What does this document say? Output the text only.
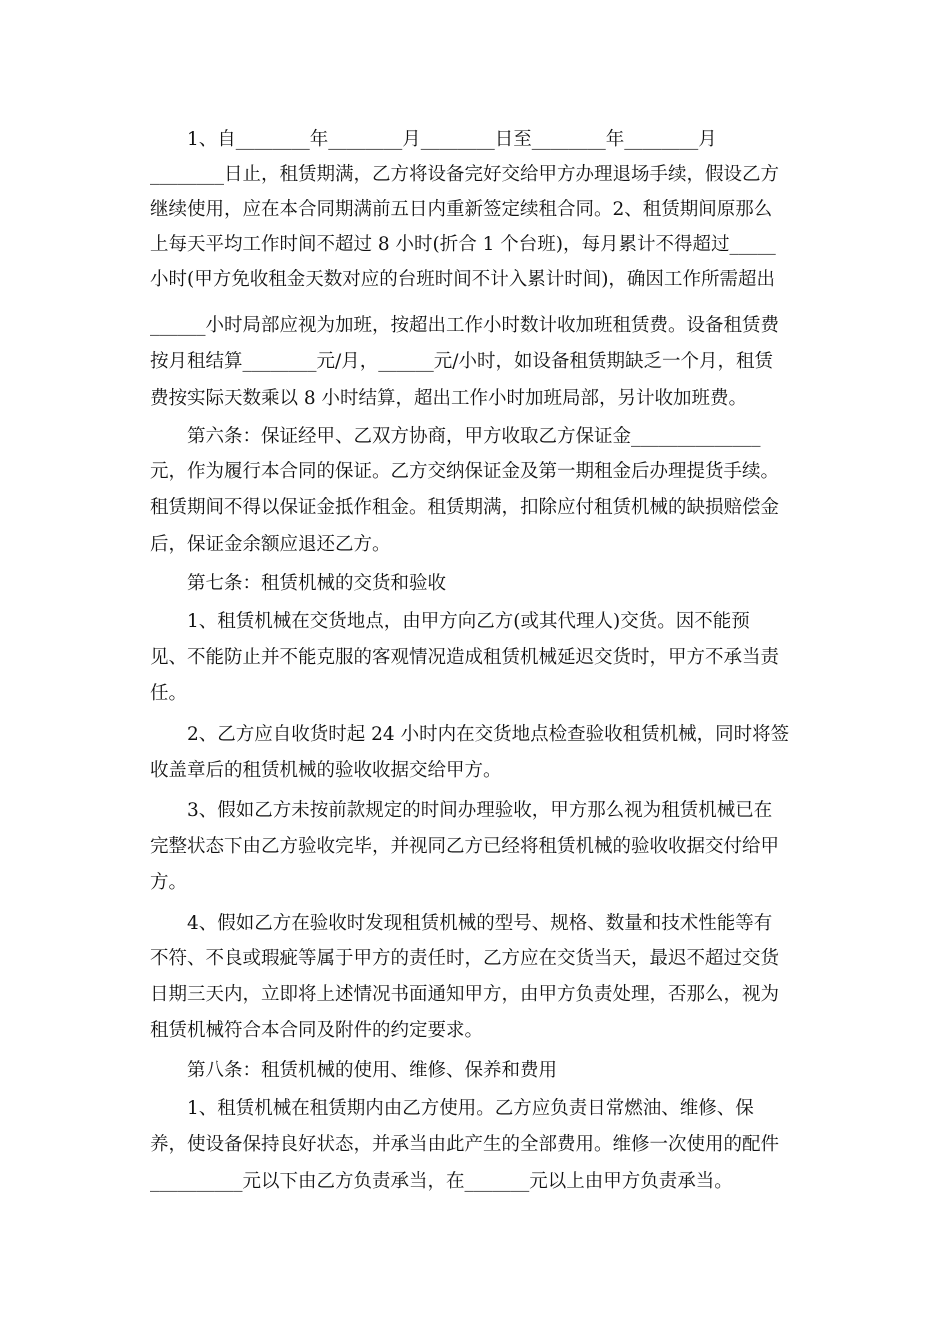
1、自________年________月________日至________年________月
________日止，租赁期满，乙方将设备完好交给甲方办理退场手续，假设乙方
继续使用，应在本合同期满前五日内重新签定续租合同。2、租赁期间原那么
上每天平均工作时间不超过 8 小时(折合 1 个台班)，每月累计不得超过_____
小时(甲方免收租金天数对应的台班时间不计入累计时间)，确因工作所需超出
______小时局部应视为加班，按超出工作小时数计收加班租赁费。设备租赁费
按月租结算________元/月，______元/小时，如设备租赁期缺乏一个月，租赁
费按实际天数乘以 8 小时结算，超出工作小时加班局部，另计收加班费。
第六条：保证经甲、乙双方协商，甲方收取乙方保证金______________
元，作为履行本合同的保证。乙方交纳保证金及第一期租金后办理提货手续。
租赁期间不得以保证金抵作租金。租赁期满，扣除应付租赁机械的缺损赔偿金
后，保证金余额应退还乙方。
第七条：租赁机械的交货和验收
1、租赁机械在交货地点，由甲方向乙方(或其代理人)交货。因不能预
见、不能防止并不能克服的客观情况造成租赁机械延迟交货时，甲方不承当责
任。
2、乙方应自收货时起 24 小时内在交货地点检查验收租赁机械，同时将签
收盖章后的租赁机械的验收收据交给甲方。
3、假如乙方未按前款规定的时间办理验收，甲方那么视为租赁机械已在
完整状态下由乙方验收完毕，并视同乙方已经将租赁机械的验收收据交付给甲
方。
4、假如乙方在验收时发现租赁机械的型号、规格、数量和技术性能等有
不符、不良或瑕疵等属于甲方的责任时，乙方应在交货当天，最迟不超过交货
日期三天内，立即将上述情况书面通知甲方，由甲方负责处理，否那么，视为
租赁机械符合本合同及附件的约定要求。
第八条：租赁机械的使用、维修、保养和费用
1、租赁机械在租赁期内由乙方使用。乙方应负责日常燃油、维修、保
养，使设备保持良好状态，并承当由此产生的全部费用。维修一次使用的配件
__________元以下由乙方负责承当，在_______元以上由甲方负责承当。
